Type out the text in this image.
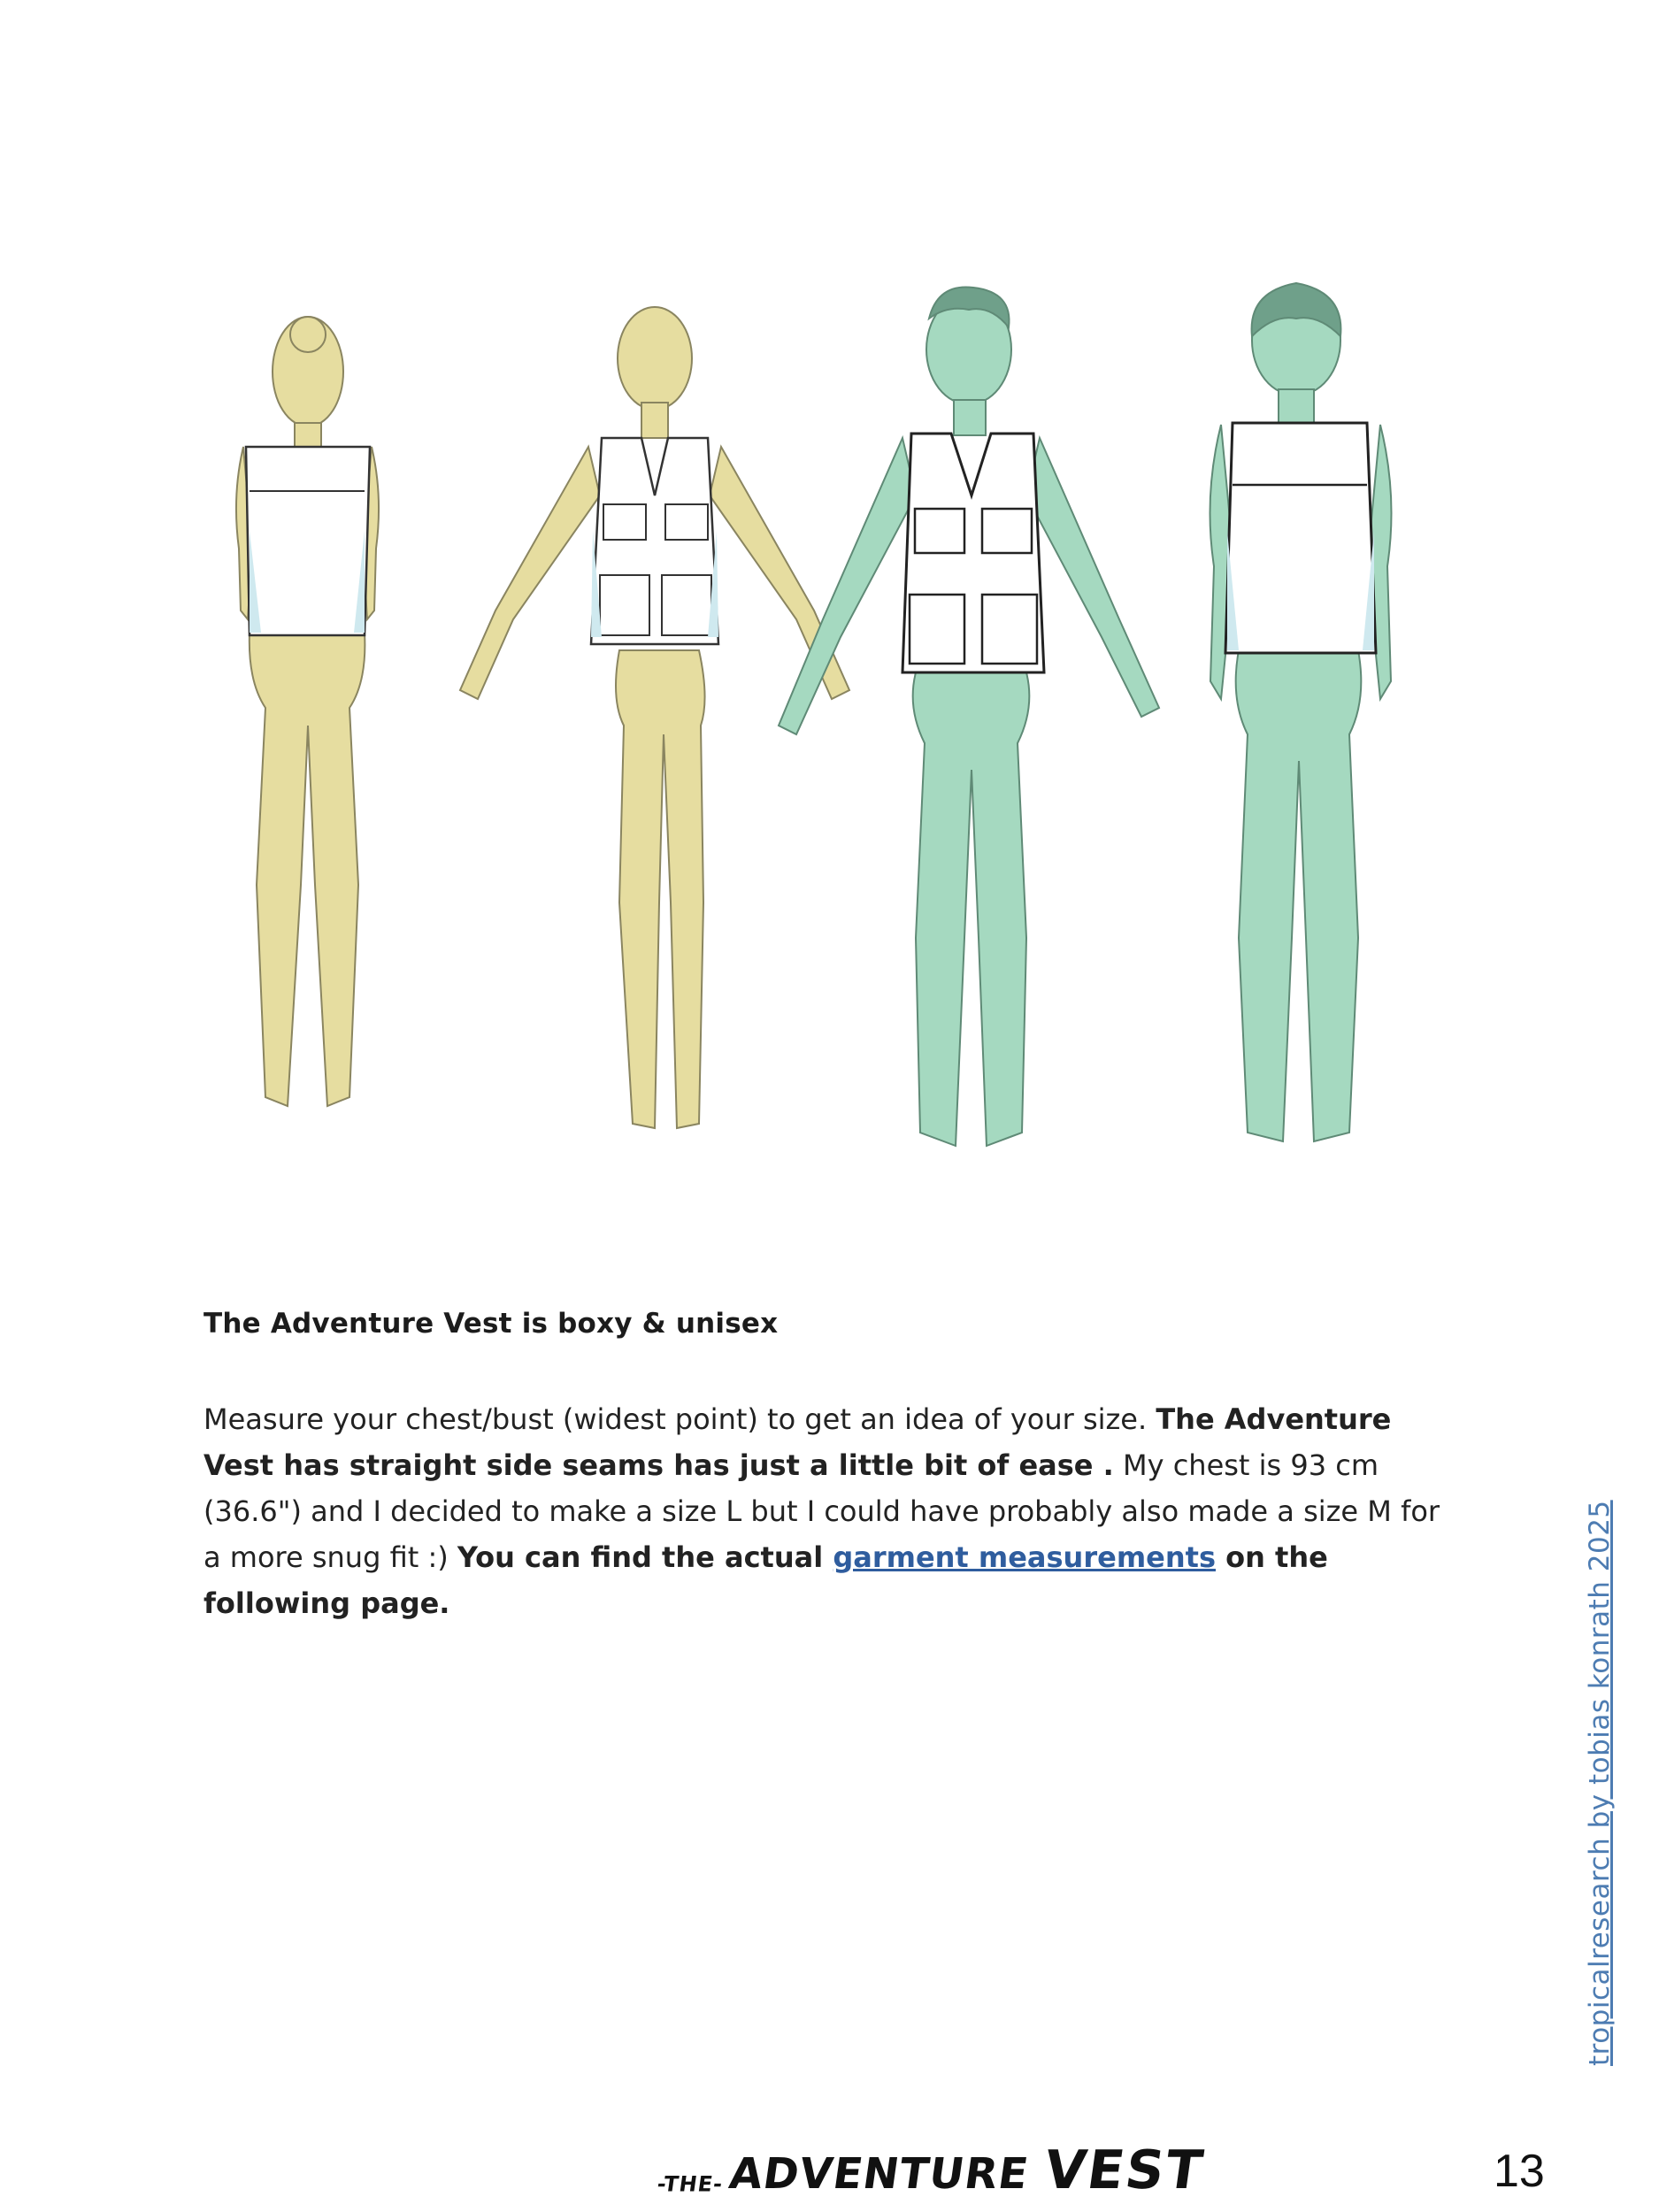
The Adventure Vest is boxy & unisex

Measure your chest/bust (widest point) to get an idea of your size. The Adventure Vest has straight side seams has just a little bit of ease . My chest is 93 cm (36.6") and I decided to make a size L but I could have probably also made a size M for a more snug fit :) You can find the actual garment measurements on the following page.	tropicalresearch by tobias konrath 2025
-THE-ADVENTURE VEST	13
